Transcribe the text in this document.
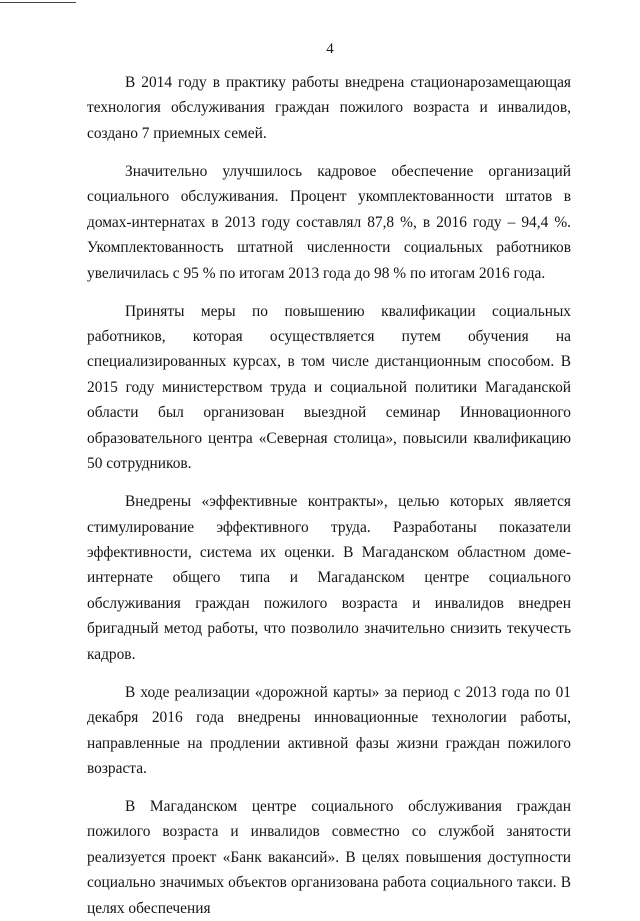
4

В 2014 году в практику работы внедрена стационарозамещающая технология обслуживания граждан пожилого возраста и инвалидов, создано 7 приемных семей.

Значительно улучшилось кадровое обеспечение организаций социального обслуживания. Процент укомплектованности штатов в домах-интернатах в 2013 году составлял 87,8 %, в 2016 году – 94,4 %. Укомплектованность штатной численности социальных работников увеличилась с 95 % по итогам 2013 года до 98 % по итогам 2016 года.

Приняты меры по повышению квалификации социальных работников, которая осуществляется путем обучения на специализированных курсах, в том числе дистанционным способом. В 2015 году министерством труда и социальной политики Магаданской области был организован выездной семинар Инновационного образовательного центра «Северная столица», повысили квалификацию 50 сотрудников.

Внедрены «эффективные контракты», целью которых является стимулирование эффективного труда. Разработаны показатели эффективности, система их оценки. В Магаданском областном доме-интернате общего типа и Магаданском центре социального обслуживания граждан пожилого возраста и инвалидов внедрен бригадный метод работы, что позволило значительно снизить текучесть кадров.

В ходе реализации «дорожной карты» за период с 2013 года по 01 декабря 2016 года внедрены инновационные технологии работы, направленные на продлении активной фазы жизни граждан пожилого возраста.

В Магаданском центре социального обслуживания граждан пожилого возраста и инвалидов совместно со службой занятости реализуется проект «Банк вакансий». В целях повышения доступности социально значимых объектов организована работа социального такси. В целях обеспечения
